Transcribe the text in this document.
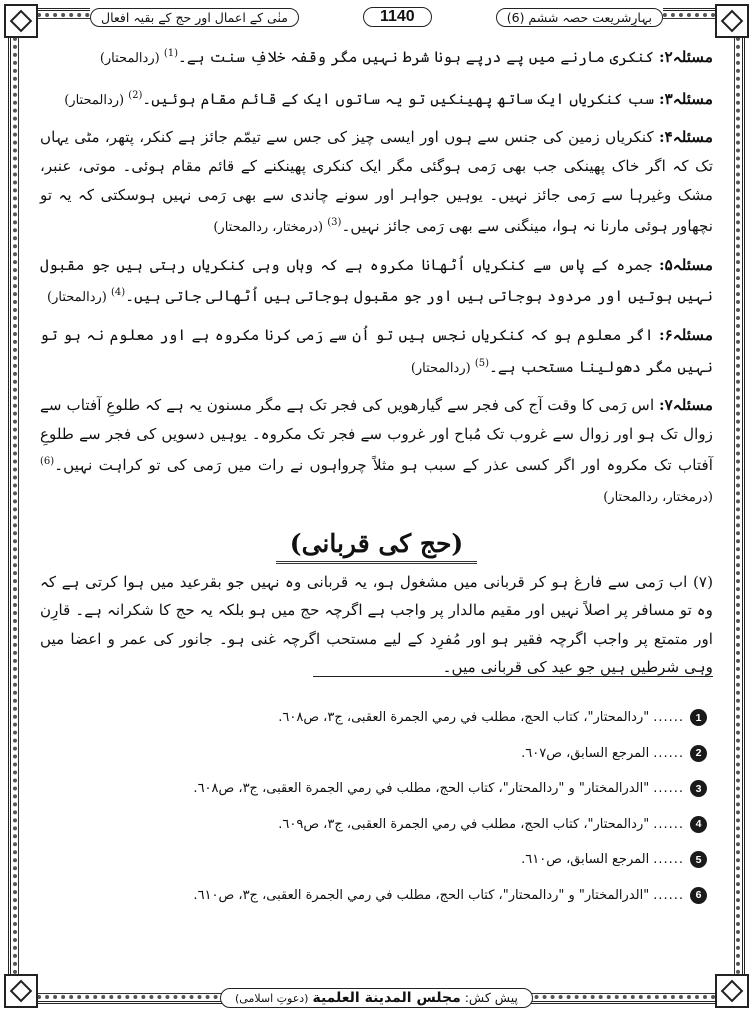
بہارِشریعت حصہ ششم (6)
1140
منٰی کے اعمال اور حج کے بقیہ افعال

مسئلہ۲: کنکری مارنے میں پے درپے ہونا شرط نہیں مگر وقفہ خلافِ سنت ہے۔$^{(1)}$ (ردالمحتار)

مسئلہ۳: سب کنکریاں ایک ساتھ پھینکیں تو یہ ساتوں ایک کے قائم مقام ہوئیں۔$^{(2)}$ (ردالمحتار)

مسئلہ۴: کنکریاں زمین کی جنس سے ہوں اور ایسی چیز کی جس سے تیمّم جائز ہے کنکر، پتھر، مٹی یہاں تک کہ اگر خاک پھینکی جب بھی رَمی ہوگئی مگر ایک کنکری پھینکنے کے قائم مقام ہوئی۔ موتی، عنبر، مشک وغیرہا سے رَمی جائز نہیں۔ یوہیں جواہر اور سونے چاندی سے بھی رَمی نہیں ہوسکتی کہ یہ تو نچھاور ہوئی مارنا نہ ہوا، مینگنی سے بھی رَمی جائز نہیں۔$^{(3)}$ (درمختار، ردالمحتار)

مسئلہ۵: جمرہ کے پاس سے کنکریاں اُٹھانا مکروہ ہے کہ وہاں وہی کنکریاں رہتی ہیں جو مقبول نہیں ہوتیں اور مردود ہوجاتی ہیں اور جو مقبول ہوجاتی ہیں اُٹھالی جاتی ہیں۔$^{(4)}$ (ردالمحتار)

مسئلہ۶: اگر معلوم ہو کہ کنکریاں نجس ہیں تو اُن سے رَمی کرنا مکروہ ہے اور معلوم نہ ہو تو نہیں مگر دھولینا مستحب ہے۔$^{(5)}$ (ردالمحتار)

مسئلہ۷: اس رَمی کا وقت آج کی فجر سے گیارھویں کی فجر تک ہے مگر مسنون یہ ہے کہ طلوعِ آفتاب سے زوال تک ہو اور زوال سے غروب تک مُباح اور غروب سے فجر تک مکروہ۔ یوہیں دسویں کی فجر سے طلوعِ آفتاب تک مکروہ اور اگر کسی عذر کے سبب ہو مثلاً چرواہوں نے رات میں رَمی کی تو کراہت نہیں۔$^{(6)}$ (درمختار، ردالمحتار)

(حج کی قربانی)

(۷) اب رَمی سے فارغ ہو کر قربانی میں مشغول ہو، یہ قربانی وہ نہیں جو بقرعید میں ہوا کرتی ہے کہ وہ تو مسافر پر اصلاً نہیں اور مقیم مالدار پر واجب ہے اگرچہ حج میں ہو بلکہ یہ حج کا شکرانہ ہے۔ قارِن اور متمتع پر واجب اگرچہ فقیر ہو اور مُفرِد کے لیے مستحب اگرچہ غنی ہو۔ جانور کی عمر و اعضا میں وہی شرطیں ہیں جو عید کی قربانی میں۔

1
......
"ردالمحتار"، كتاب الحج، مطلب في رمي الجمرة العقبى، ج٣، ص٦٠٨.
2
......
المرجع السابق، ص٦٠٧.
3
......
"الدرالمختار" و "ردالمحتار"، كتاب الحج، مطلب في رمي الجمرة العقبى، ج٣، ص٦٠٨.
4
......
"ردالمحتار"، كتاب الحج، مطلب في رمي الجمرة العقبى، ج٣، ص٦٠٩.
5
......
المرجع السابق، ص٦١٠.
6
......
"الدرالمختار" و "ردالمحتار"، كتاب الحج، مطلب في رمي الجمرة العقبى، ج٣، ص٦١٠.
پیش کش: مجلس المدينة العلمية (دعوتِ اسلامی)
